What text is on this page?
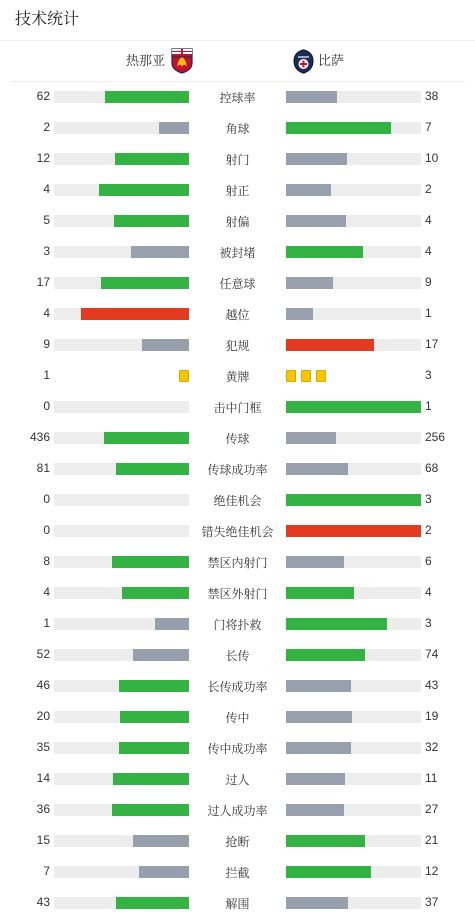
技术统计
热那亚	比萨
62	控球率	38
2	角球	7
12	射门	10
4	射正	2
5	射偏	4
3	被封堵	4
17	任意球	9
4	越位	1
9	犯规	17
1	黄牌	3
0	击中门框	1
436	传球	256
81	传球成功率	68
0	绝佳机会	3
0	错失绝佳机会	2
8	禁区内射门	6
4	禁区外射门	4
1	门将扑救	3
52	长传	74
46	长传成功率	43
20	传中	19
35	传中成功率	32
14	过人	11
36	过人成功率	27
15	抢断	21
7	拦截	12
43	解围	37
